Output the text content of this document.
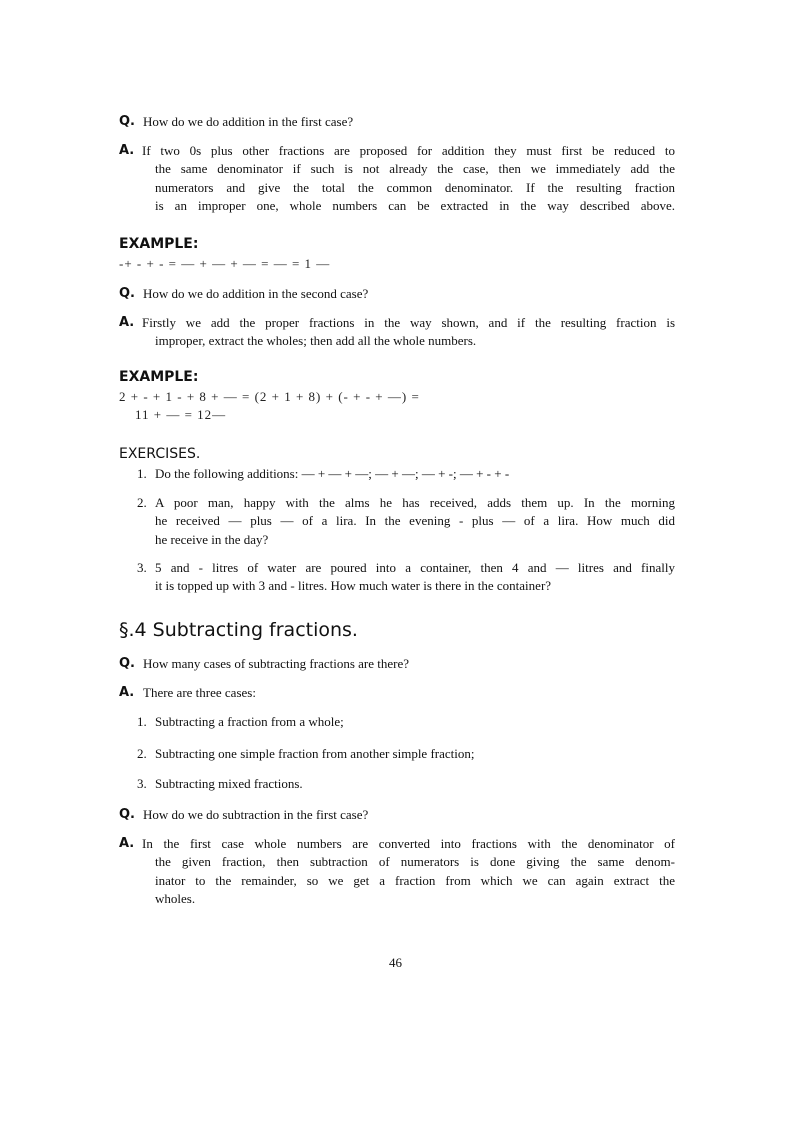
Q. How do we do addition in the first case?
A. If two 0s plus other fractions are proposed for addition they must first be reduced to
the same denominator if such is not already the case, then we immediately add the
numerators and give the total the common denominator. If the resulting fraction
is an improper one, whole numbers can be extracted in the way described above.
EXAMPLE:
-+ - + - = — + — + — = — = 1 —
Q. How do we do addition in the second case?
A. Firstly we add the proper fractions in the way shown, and if the resulting fraction is
improper, extract the wholes; then add all the whole numbers.
EXAMPLE:
2 + - + 1 - + 8 + — = (2 + 1 + 8) + (- + - + —) =
11 + — = 12—
EXERCISES.
1. Do the following additions: — + — + —; — + —; — + -; — + - + -
2. A poor man, happy with the alms he has received, adds them up. In the morning
he received — plus — of a lira. In the evening - plus — of a lira. How much did
he receive in the day?
3. 5 and - litres of water are poured into a container, then 4 and — litres and finally
it is topped up with 3 and - litres. How much water is there in the container?
§.4 Subtracting fractions.
Q. How many cases of subtracting fractions are there?
A. There are three cases:
1. Subtracting a fraction from a whole;
2. Subtracting one simple fraction from another simple fraction;
3. Subtracting mixed fractions.
Q. How do we do subtraction in the first case?
A. In the first case whole numbers are converted into fractions with the denominator of
the given fraction, then subtraction of numerators is done giving the same denom-
inator to the remainder, so we get a fraction from which we can again extract the
wholes.
46
